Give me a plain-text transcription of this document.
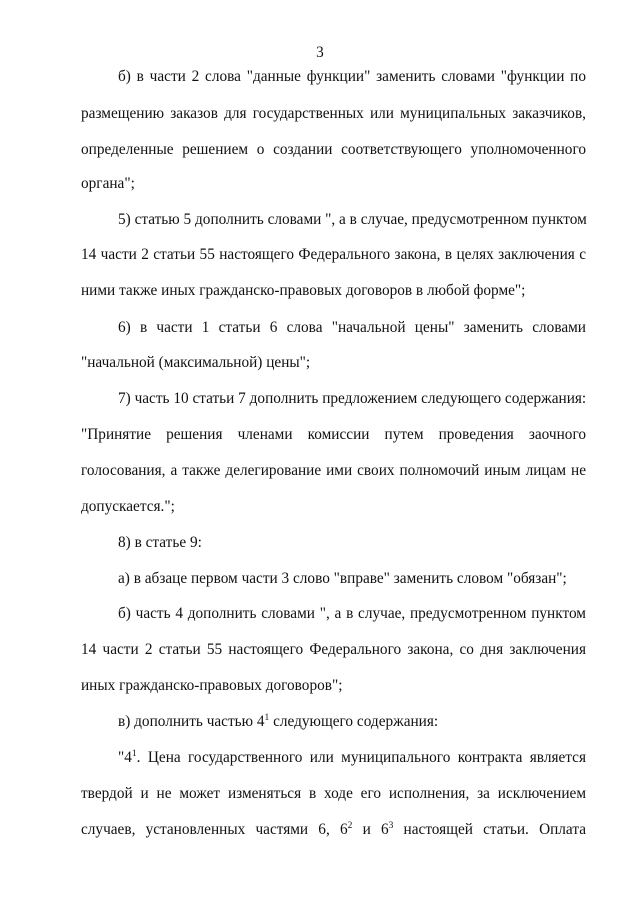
3
б) в части 2 слова "данные функции" заменить словами "функции по
размещению заказов для государственных или муниципальных заказчиков,
определенные решением о создании соответствующего уполномоченного
органа";
5) статью 5 дополнить словами ", а в случае, предусмотренном пунктом
14 части 2 статьи 55 настоящего Федерального закона, в целях заключения с
ними также иных гражданско-правовых договоров в любой форме";
6) в части 1 статьи 6 слова "начальной цены" заменить словами
"начальной (максимальной) цены";
7) часть 10 статьи 7 дополнить предложением следующего содержания:
"Принятие решения членами комиссии путем проведения заочного
голосования, а также делегирование ими своих полномочий иным лицам не
допускается.";
8) в статье 9:
а) в абзаце первом части 3 слово "вправе" заменить словом "обязан";
б) часть 4 дополнить словами ", а в случае, предусмотренном пунктом
14 части 2 статьи 55 настоящего Федерального закона, со дня заключения
иных гражданско-правовых договоров";
в) дополнить частью $4^1$ следующего содержания:
"$4^1$. Цена государственного или муниципального контракта является
твердой и не может изменяться в ходе его исполнения, за исключением
случаев, установленных частями 6, $6^2$ и $6^3$ настоящей статьи. Оплата
